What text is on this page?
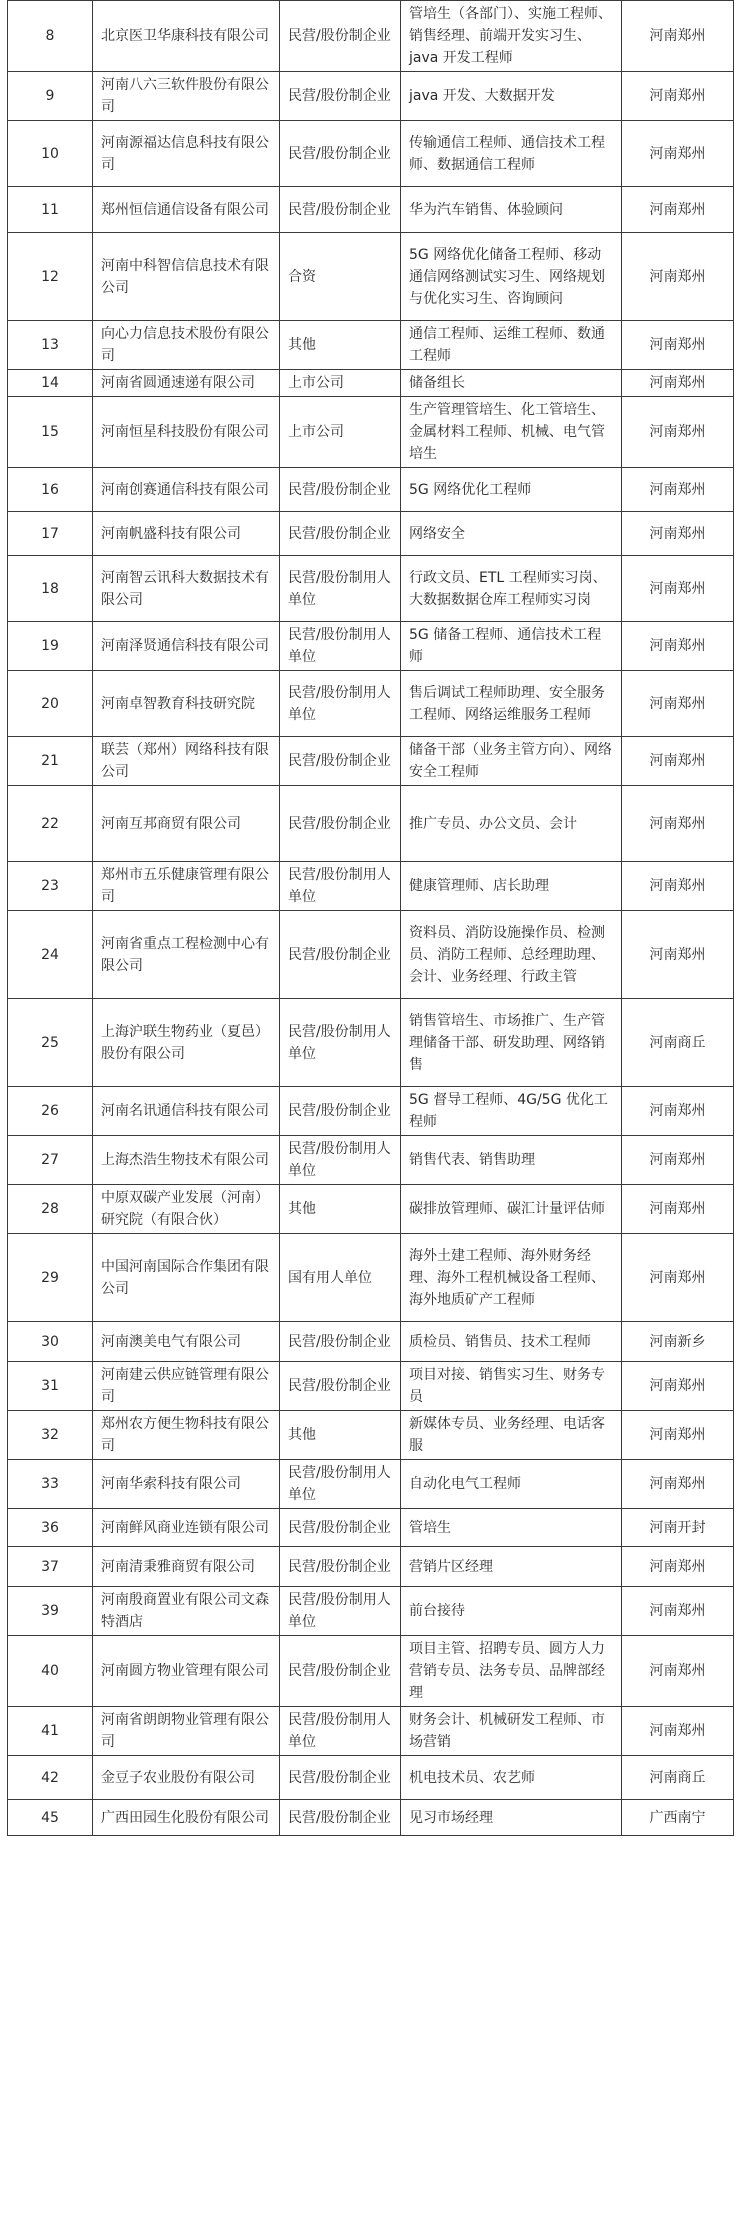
8	北京医卫华康科技有限公司	民营/股份制企业	管培生（各部门）、实施工程师、销售经理、前端开发实习生、java 开发工程师	河南郑州
9	河南八六三软件股份有限公司	民营/股份制企业	java 开发、大数据开发	河南郑州
10	河南源福达信息科技有限公司	民营/股份制企业	传输通信工程师、通信技术工程师、数据通信工程师	河南郑州
11	郑州恒信通信设备有限公司	民营/股份制企业	华为汽车销售、体验顾问	河南郑州
12	河南中科智信信息技术有限公司	合资	5G 网络优化储备工程师、移动通信网络测试实习生、网络规划与优化实习生、咨询顾问	河南郑州
13	向心力信息技术股份有限公司	其他	通信工程师、运维工程师、数通工程师	河南郑州
14	河南省圆通速递有限公司	上市公司	储备组长	河南郑州
15	河南恒星科技股份有限公司	上市公司	生产管理管培生、化工管培生、金属材料工程师、机械、电气管培生	河南郑州
16	河南创赛通信科技有限公司	民营/股份制企业	5G 网络优化工程师	河南郑州
17	河南帆盛科技有限公司	民营/股份制企业	网络安全	河南郑州
18	河南智云讯科大数据技术有限公司	民营/股份制用人单位	行政文员、ETL 工程师实习岗、大数据数据仓库工程师实习岗	河南郑州
19	河南泽贤通信科技有限公司	民营/股份制用人单位	5G 储备工程师、通信技术工程师	河南郑州
20	河南卓智教育科技研究院	民营/股份制用人单位	售后调试工程师助理、安全服务工程师、网络运维服务工程师	河南郑州
21	联芸（郑州）网络科技有限公司	民营/股份制企业	储备干部（业务主管方向）、网络安全工程师	河南郑州
22	河南互邦商贸有限公司	民营/股份制企业	推广专员、办公文员、会计	河南郑州
23	郑州市五乐健康管理有限公司	民营/股份制用人单位	健康管理师、店长助理	河南郑州
24	河南省重点工程检测中心有限公司	民营/股份制企业	资料员、消防设施操作员、检测员、消防工程师、总经理助理、会计、业务经理、行政主管	河南郑州
25	上海沪联生物药业（夏邑）股份有限公司	民营/股份制用人单位	销售管培生、市场推广、生产管理储备干部、研发助理、网络销售	河南商丘
26	河南名讯通信科技有限公司	民营/股份制企业	5G 督导工程师、4G/5G 优化工程师	河南郑州
27	上海杰浩生物技术有限公司	民营/股份制用人单位	销售代表、销售助理	河南郑州
28	中原双碳产业发展（河南）研究院（有限合伙）	其他	碳排放管理师、碳汇计量评估师	河南郑州
29	中国河南国际合作集团有限公司	国有用人单位	海外土建工程师、海外财务经理、海外工程机械设备工程师、海外地质矿产工程师	河南郑州
30	河南澳美电气有限公司	民营/股份制企业	质检员、销售员、技术工程师	河南新乡
31	河南建云供应链管理有限公司	民营/股份制企业	项目对接、销售实习生、财务专员	河南郑州
32	郑州农方便生物科技有限公司	其他	新媒体专员、业务经理、电话客服	河南郑州
33	河南华索科技有限公司	民营/股份制用人单位	自动化电气工程师	河南郑州
36	河南鲜风商业连锁有限公司	民营/股份制企业	管培生	河南开封
37	河南清秉雅商贸有限公司	民营/股份制企业	营销片区经理	河南郑州
39	河南殷商置业有限公司文森特酒店	民营/股份制用人单位	前台接待	河南郑州
40	河南圆方物业管理有限公司	民营/股份制企业	项目主管、招聘专员、圆方人力营销专员、法务专员、品牌部经理	河南郑州
41	河南省朗朗物业管理有限公司	民营/股份制用人单位	财务会计、机械研发工程师、市场营销	河南郑州
42	金豆子农业股份有限公司	民营/股份制企业	机电技术员、农艺师	河南商丘
45	广西田园生化股份有限公司	民营/股份制企业	见习市场经理	广西南宁
